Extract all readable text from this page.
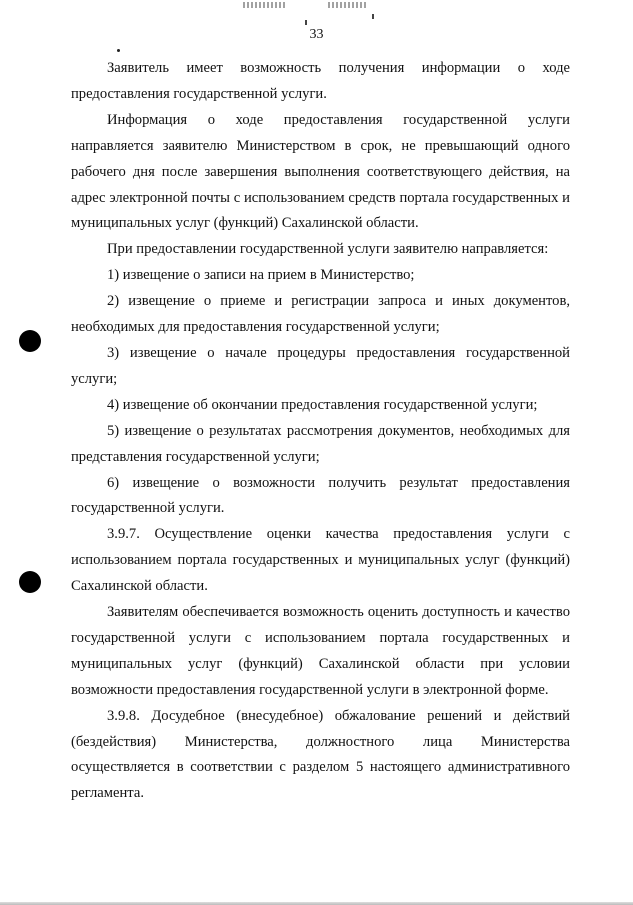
33

Заявитель имеет возможность получения информации о ходе предоставления государственной услуги.

Информация о ходе предоставления государственной услуги направляется заявителю Министерством в срок, не превышающий одного рабочего дня после завершения выполнения соответствующего действия, на адрес электронной почты с использованием средств портала государственных и муниципальных услуг (функций) Сахалинской области.

При предоставлении государственной услуги заявителю направляется:

1) извещение о записи на прием в Министерство;

2) извещение о приеме и регистрации запроса и иных документов, необходимых для предоставления государственной услуги;

3) извещение о начале процедуры предоставления государственной услуги;

4) извещение об окончании предоставления государственной услуги;

5) извещение о результатах рассмотрения документов, необходимых для представления государственной услуги;

6) извещение о возможности получить результат предоставления государственной услуги.

3.9.7. Осуществление оценки качества предоставления услуги с использованием портала государственных и муниципальных услуг (функций) Сахалинской области.

Заявителям обеспечивается возможность оценить доступность и качество государственной услуги с использованием портала государственных и муниципальных услуг (функций) Сахалинской области при условии возможности предоставления государственной услуги в электронной форме.

3.9.8. Досудебное (внесудебное) обжалование решений и действий (бездействия) Министерства, должностного лица Министерства осуществляется в соответствии с разделом 5 настоящего административного регламента.
